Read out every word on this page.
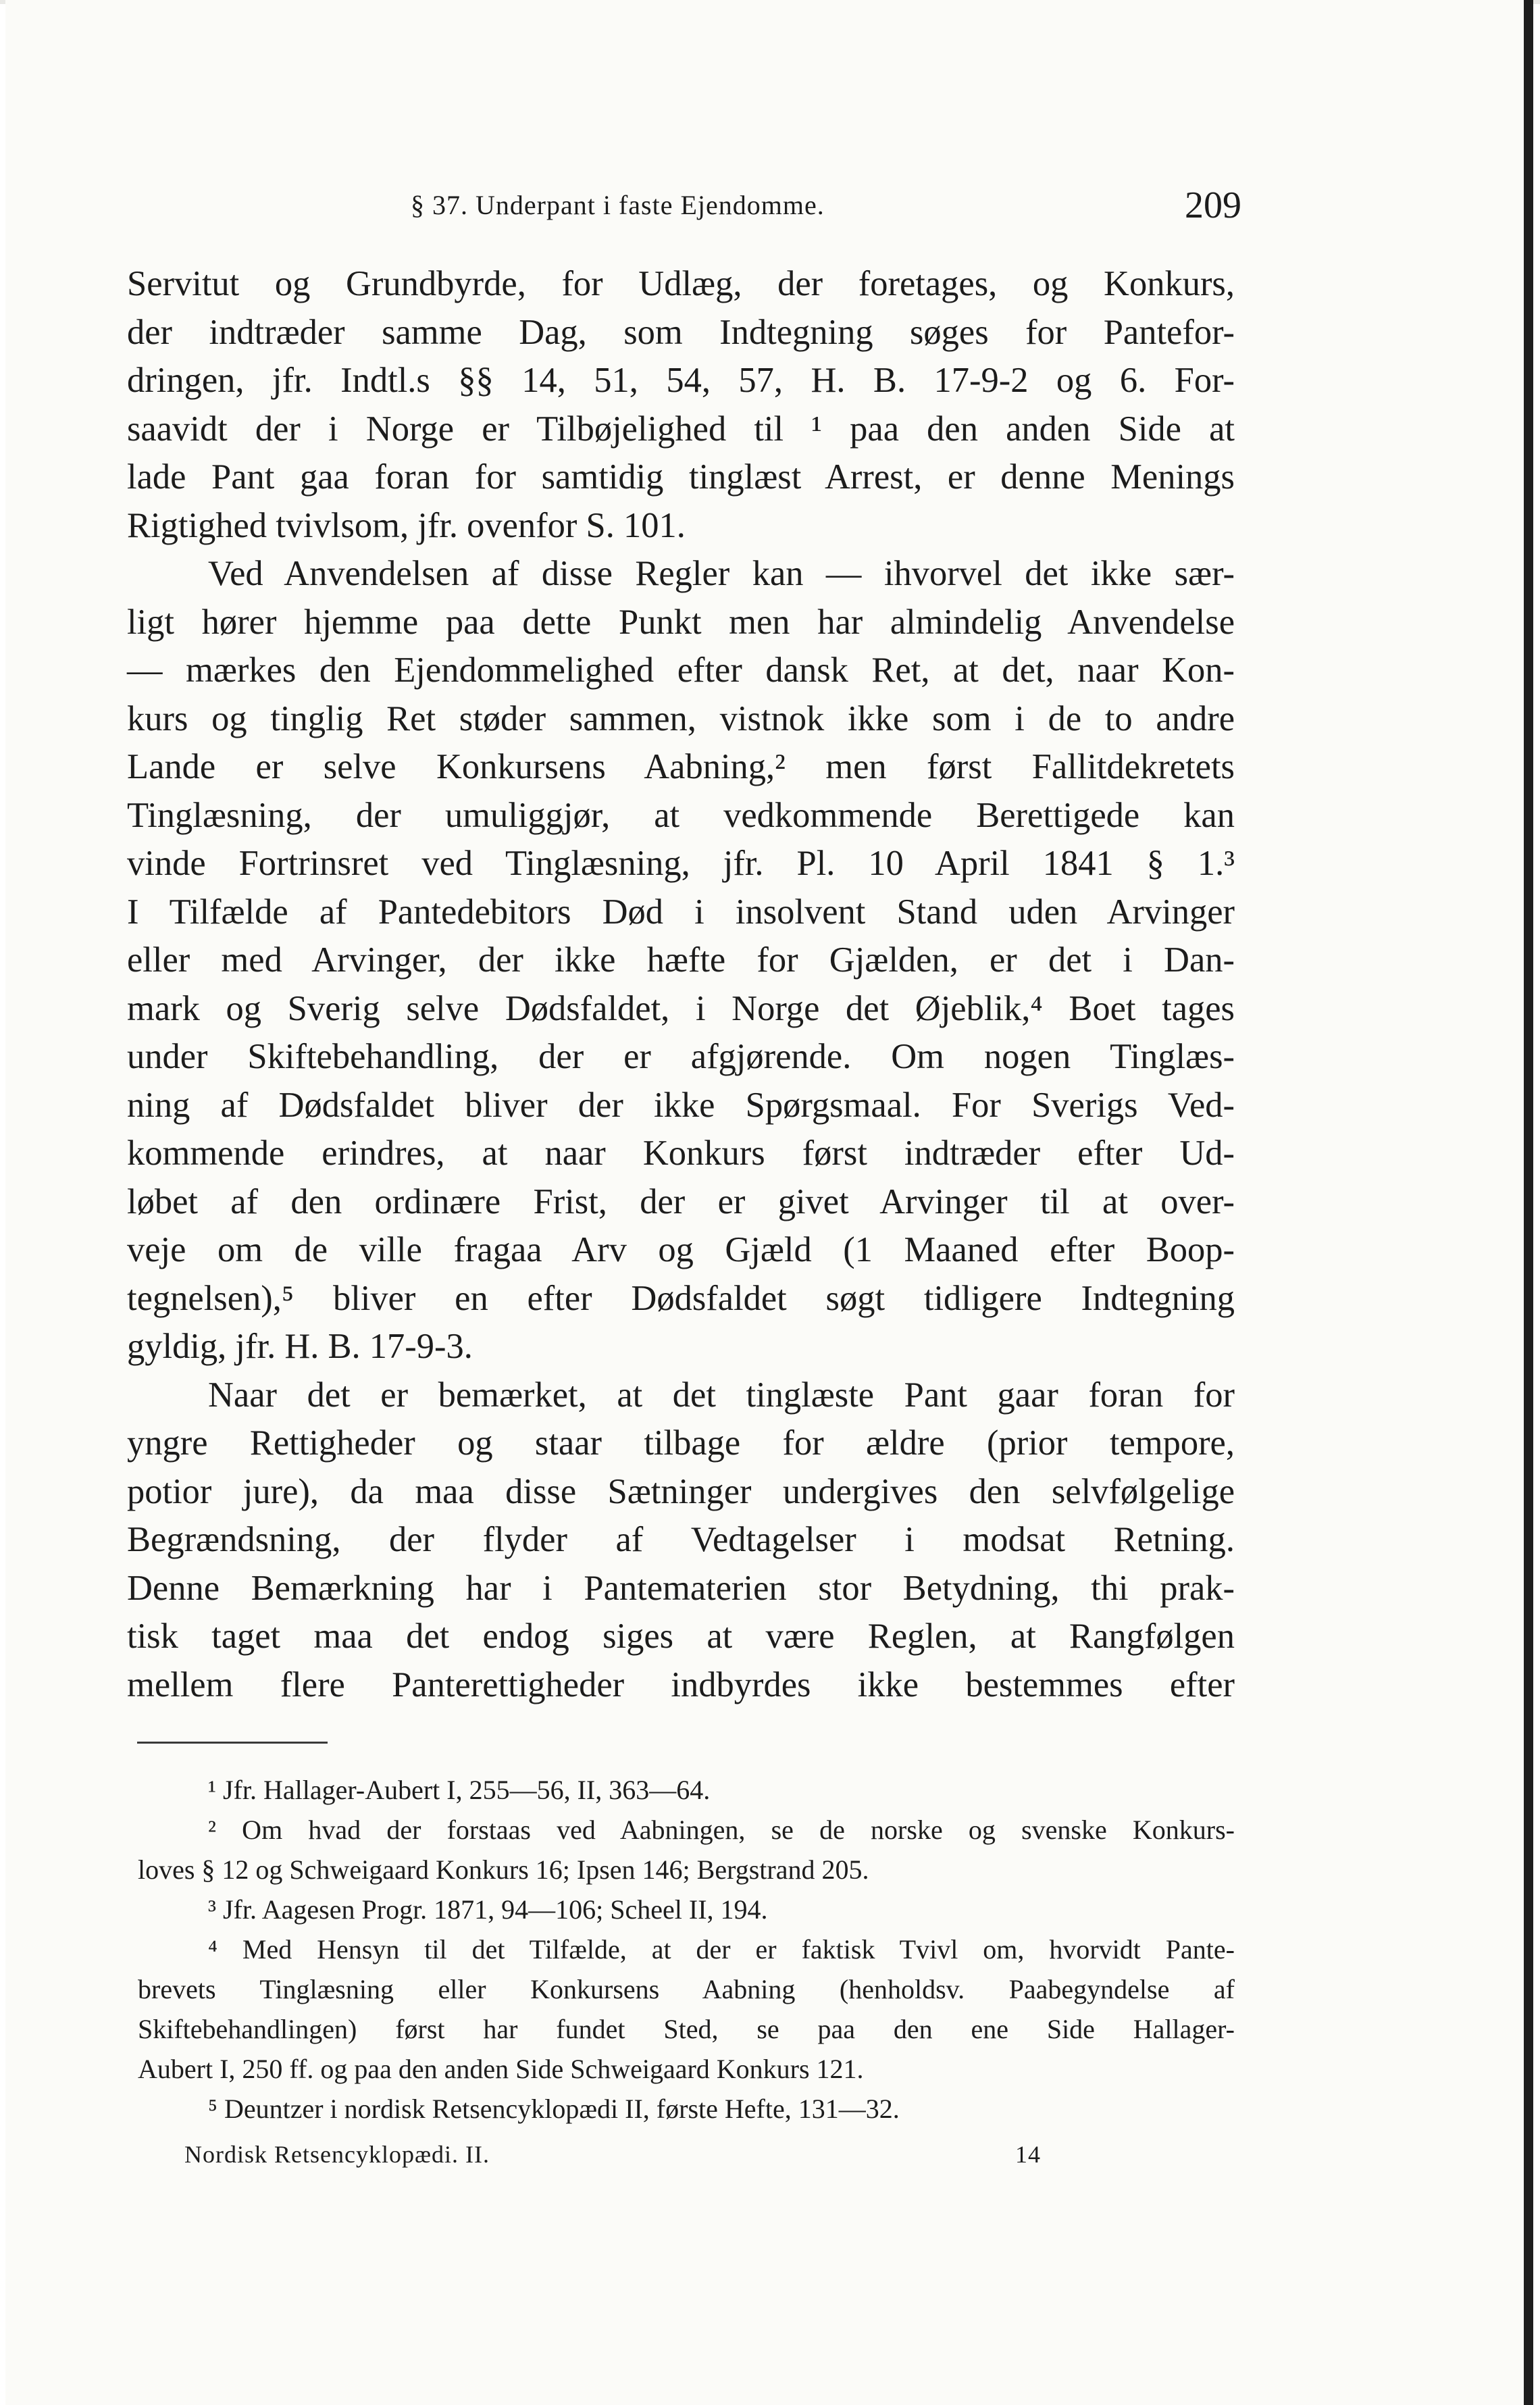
§ 37. Underpant i faste Ejendomme.	209
Servitut og Grundbyrde, for Udlæg, der foretages, og Konkurs,
der indtræder samme Dag, som Indtegning søges for Pantefor-
dringen, jfr. Indtl.s §§ 14, 51, 54, 57, H. B. 17-9-2 og 6. For-
saavidt der i Norge er Tilbøjelighed til ¹ paa den anden Side at
lade Pant gaa foran for samtidig tinglæst Arrest, er denne Menings
Rigtighed tvivlsom, jfr. ovenfor S. 101.
Ved Anvendelsen af disse Regler kan — ihvorvel det ikke sær-
ligt hører hjemme paa dette Punkt men har almindelig Anvendelse
— mærkes den Ejendommelighed efter dansk Ret, at det, naar Kon-
kurs og tinglig Ret støder sammen, vistnok ikke som i de to andre
Lande er selve Konkursens Aabning,² men først Fallitdekretets
Tinglæsning, der umuliggjør, at vedkommende Berettigede kan
vinde Fortrinsret ved Tinglæsning, jfr. Pl. 10 April 1841 § 1.³
I Tilfælde af Pantedebitors Død i insolvent Stand uden Arvinger
eller med Arvinger, der ikke hæfte for Gjælden, er det i Dan-
mark og Sverig selve Dødsfaldet, i Norge det Øjeblik,⁴ Boet tages
under Skiftebehandling, der er afgjørende. Om nogen Tinglæs-
ning af Dødsfaldet bliver der ikke Spørgsmaal. For Sverigs Ved-
kommende erindres, at naar Konkurs først indtræder efter Ud-
løbet af den ordinære Frist, der er givet Arvinger til at over-
veje om de ville fragaa Arv og Gjæld (1 Maaned efter Boop-
tegnelsen),⁵ bliver en efter Dødsfaldet søgt tidligere Indtegning
gyldig, jfr. H. B. 17-9-3.
Naar det er bemærket, at det tinglæste Pant gaar foran for
yngre Rettigheder og staar tilbage for ældre (prior tempore,
potior jure), da maa disse Sætninger undergives den selvfølgelige
Begrændsning, der flyder af Vedtagelser i modsat Retning.
Denne Bemærkning har i Pantematerien stor Betydning, thi prak-
tisk taget maa det endog siges at være Reglen, at Rangfølgen
mellem flere Panterettigheder indbyrdes ikke bestemmes efter
¹ Jfr. Hallager-Aubert I, 255—56, II, 363—64.
² Om hvad der forstaas ved Aabningen, se de norske og svenske Konkurs-
loves § 12 og Schweigaard Konkurs 16; Ipsen 146; Bergstrand 205.
³ Jfr. Aagesen Progr. 1871, 94—106; Scheel II, 194.
⁴ Med Hensyn til det Tilfælde, at der er faktisk Tvivl om, hvorvidt Pante-
brevets Tinglæsning eller Konkursens Aabning (henholdsv. Paabegyndelse af
Skiftebehandlingen) først har fundet Sted, se paa den ene Side Hallager-
Aubert I, 250 ff. og paa den anden Side Schweigaard Konkurs 121.
⁵ Deuntzer i nordisk Retsencyklopædi II, første Hefte, 131—32.
Nordisk Retsencyklopædi. II.	14
